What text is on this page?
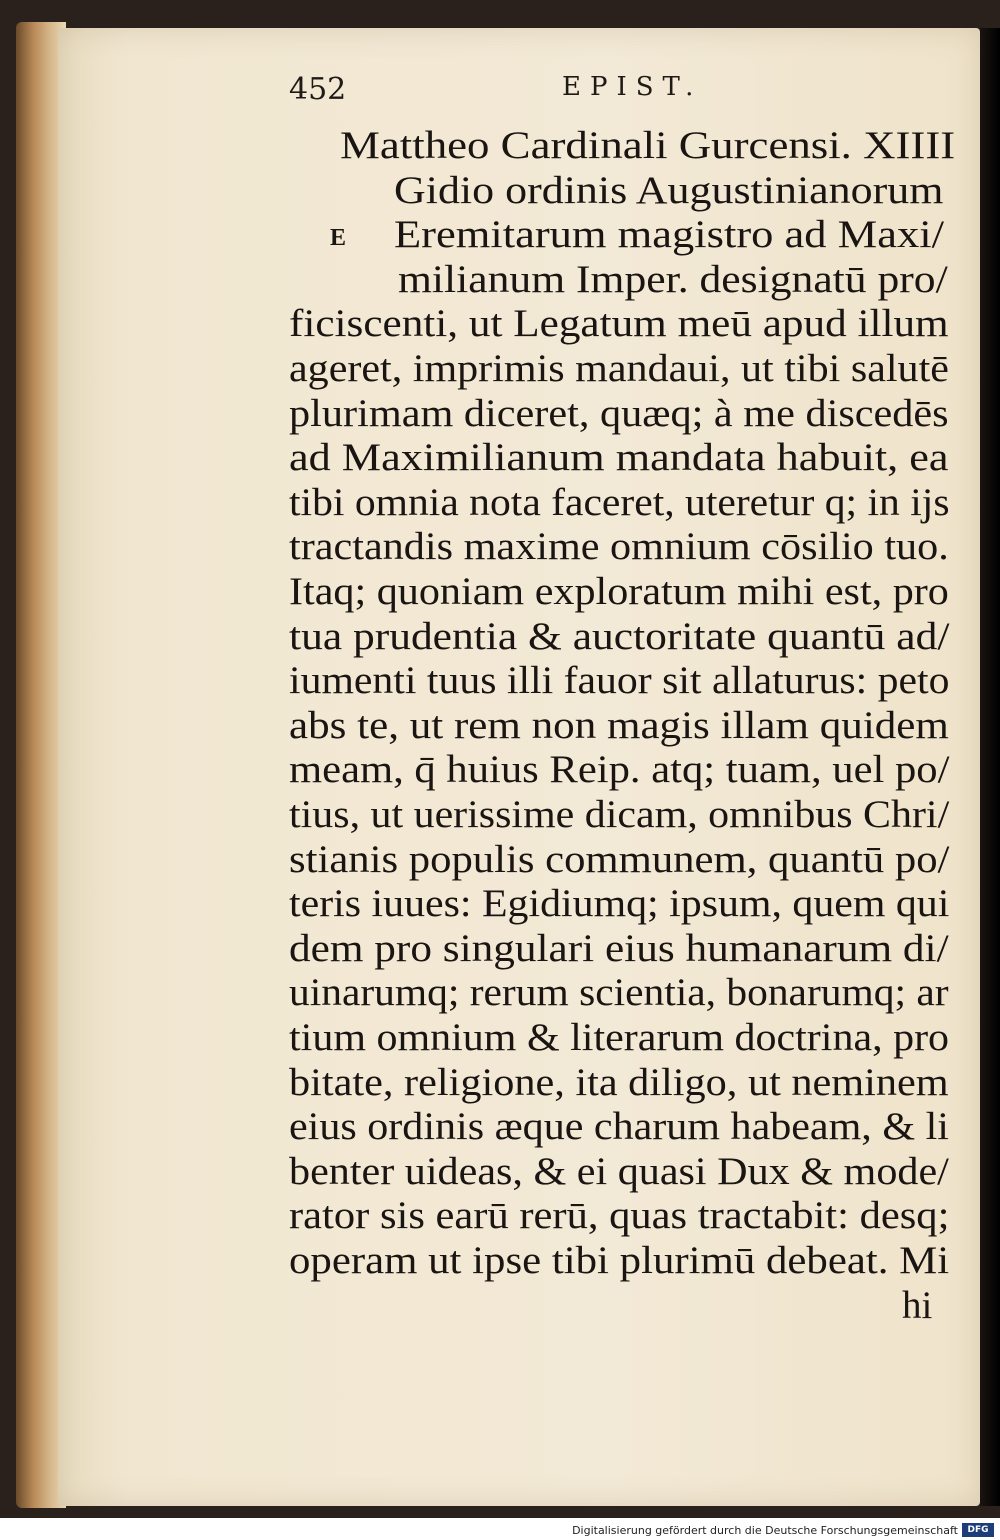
452	EPIST.
E
Mattheo Cardinali Gurcensi. XIIII
Gidio ordinis Augustinianorum
Eremitarum magistro ad Maxi/
milianum Imper. designatū pro/
ficiscenti, ut Legatum meū apud illum
ageret, imprimis mandaui, ut tibi salutē
plurimam diceret, quæq; à me discedēs
ad Maximilianum mandata habuit, ea
tibi omnia nota faceret, uteretur q; in ijs
tractandis maxime omnium cōsilio tuo.
Itaq; quoniam exploratum mihi est, pro
tua prudentia & auctoritate quantū ad/
iumenti tuus illi fauor sit allaturus: peto
abs te, ut rem non magis illam quidem
meam, q̄ huius Reip. atq; tuam, uel po/
tius, ut uerissime dicam, omnibus Chri/
stianis populis communem, quantū po/
teris iuues: Egidiumq; ipsum, quem qui
dem pro singulari eius humanarum di/
uinarumq; rerum scientia, bonarumq; ar
tium omnium & literarum doctrina, pro
bitate, religione, ita diligo, ut neminem
eius ordinis æque charum habeam, & li
benter uideas, & ei quasi Dux & mode/
rator sis earū rerū, quas tractabit: desq;
operam ut ipse tibi plurimū debeat. Mi
hi
Digitalisierung gefördert durch die Deutsche Forschungsgemeinschaft	DFG
